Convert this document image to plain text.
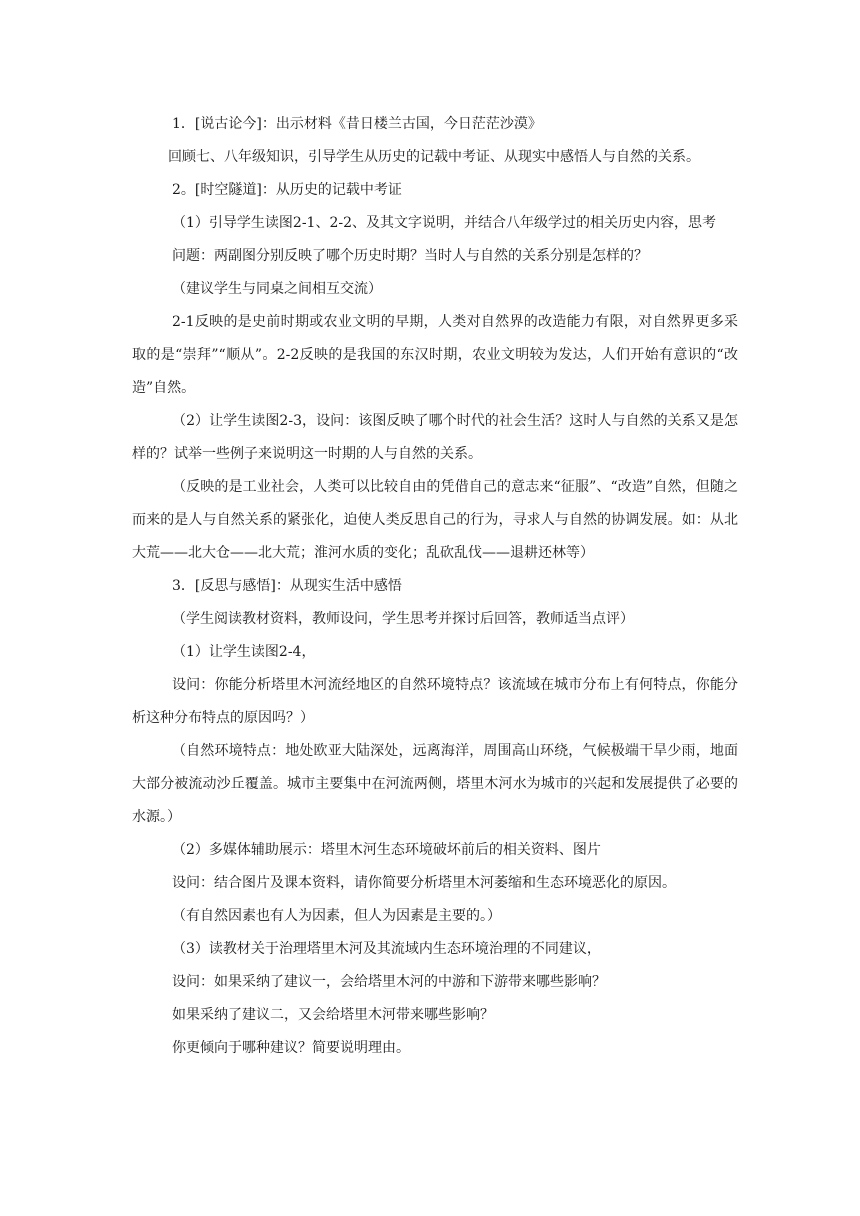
1．[说古论今]：出示材料《昔日楼兰古国，今日茫茫沙漠》

回顾七、八年级知识，引导学生从历史的记载中考证、从现实中感悟人与自然的关系。

2。[时空隧道]：从历史的记载中考证

（1）引导学生读图2-1、2-2、及其文字说明，并结合八年级学过的相关历史内容，思考

问题：两副图分别反映了哪个历史时期？当时人与自然的关系分别是怎样的？

（建议学生与同桌之间相互交流）

2-1反映的是史前时期或农业文明的早期，人类对自然界的改造能力有限，对自然界更多采取的是“崇拜”“顺从”。2-2反映的是我国的东汉时期，农业文明较为发达，人们开始有意识的“改造”自然。

（2）让学生读图2-3，设问：该图反映了哪个时代的社会生活？这时人与自然的关系又是怎样的？试举一些例子来说明这一时期的人与自然的关系。

（反映的是工业社会，人类可以比较自由的凭借自己的意志来“征服”、“改造”自然，但随之而来的是人与自然关系的紧张化，迫使人类反思自己的行为，寻求人与自然的协调发展。如：从北大荒——北大仓——北大荒；淮河水质的变化；乱砍乱伐——退耕还林等）

3．[反思与感悟]：从现实生活中感悟

（学生阅读教材资料，教师设问，学生思考并探讨后回答，教师适当点评）

（1）让学生读图2-4，

设问：你能分析塔里木河流经地区的自然环境特点？该流域在城市分布上有何特点，你能分析这种分布特点的原因吗？）

（自然环境特点：地处欧亚大陆深处，远离海洋，周围高山环绕，气候极端干旱少雨，地面大部分被流动沙丘覆盖。城市主要集中在河流两侧，塔里木河水为城市的兴起和发展提供了必要的水源。）

（2）多媒体辅助展示：塔里木河生态环境破坏前后的相关资料、图片

设问：结合图片及课本资料，请你简要分析塔里木河萎缩和生态环境恶化的原因。

（有自然因素也有人为因素，但人为因素是主要的。）

（3）读教材关于治理塔里木河及其流域内生态环境治理的不同建议，

设问：如果采纳了建议一，会给塔里木河的中游和下游带来哪些影响？

如果采纳了建议二，又会给塔里木河带来哪些影响？

你更倾向于哪种建议？简要说明理由。
